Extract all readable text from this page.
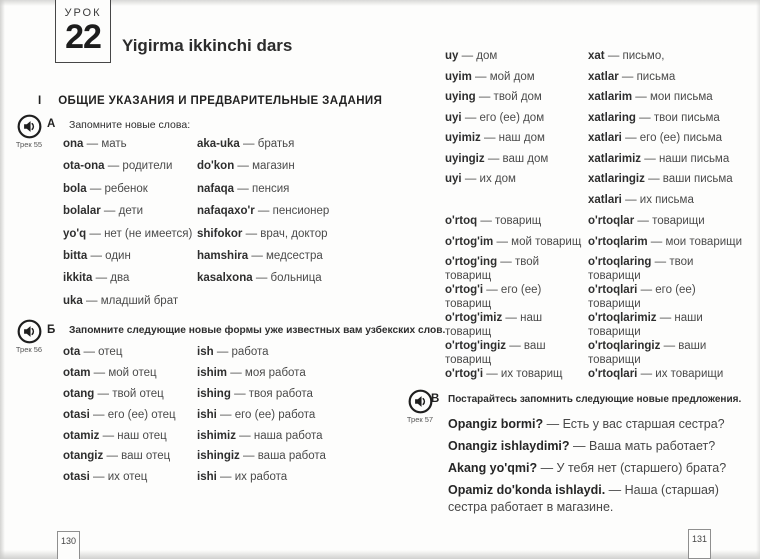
УРОК
22	Yigirma ikkinchi dars
I ОБЩИЕ УКАЗАНИЯ И ПРЕДВАРИТЕЛЬНЫЕ ЗАДАНИЯ
Трек 55
А Запомните новые слова:
ona — мать
ota-ona — родители
bola — ребенок
bolalar — дети
yo'q — нет (не имеется)
bitta — один
ikkita — два
uka — младший брат
aka-uka — братья
do'kon — магазин
nafaqa — пенсия
nafaqaxo'r — пенсионер
shifokor — врач, доктор
hamshira — медсестра
kasalxona — больница
Трек 56
Б Запомните следующие новые формы уже известных вам узбекских слов.
ota — отец
otam — мой отец
otang — твой отец
otasi — его (ее) отец
otamiz — наш отец
otangiz — ваш отец
otasi — их отец
ish — работа
ishim — моя работа
ishing — твоя работа
ishi — его (ее) работа
ishimiz — наша работа
ishingiz — ваша работа
ishi — их работа
uy — дом
uyim — мой дом
uying — твой дом
uyi — его (ее) дом
uyimiz — наш дом
uyingiz — ваш дом
uyi — их дом
xat — письмо,
xatlar — письма
xatlarim — мои письма
xatlaring — твои письма
xatlari — его (ее) письма
xatlarimiz — наши письма
xatlaringiz — ваши письма
xatlari — их письма
o'rtoq — товарищ
o'rtog'im — мой товарищ
o'rtog'ing — твой товарищ
o'rtog'i — его (ее) товарищ
o'rtog'imiz — наш товарищ
o'rtog'ingiz — ваш товарищ
o'rtog'i — их товарищ
o'rtoqlar — товарищи
o'rtoqlarim — мои товарищи
o'rtoqlaring — твои товарищи
o'rtoqlari — его (ее) товарищи
o'rtoqlarimiz — наши товарищи
o'rtoqlaringiz — ваши товарищи
o'rtoqlari — их товарищи
Трек 57
В Постарайтесь запомнить следующие новые предложения.
Opangiz bormi? — Есть у вас старшая сестра?
Onangiz ishlaydimi? — Ваша мать работает?
Akang yo'qmi? — У тебя нет (старшего) брата?
Opamiz do'konda ishlaydi. — Наша (старшая) сестра работает в магазине.
130	131
